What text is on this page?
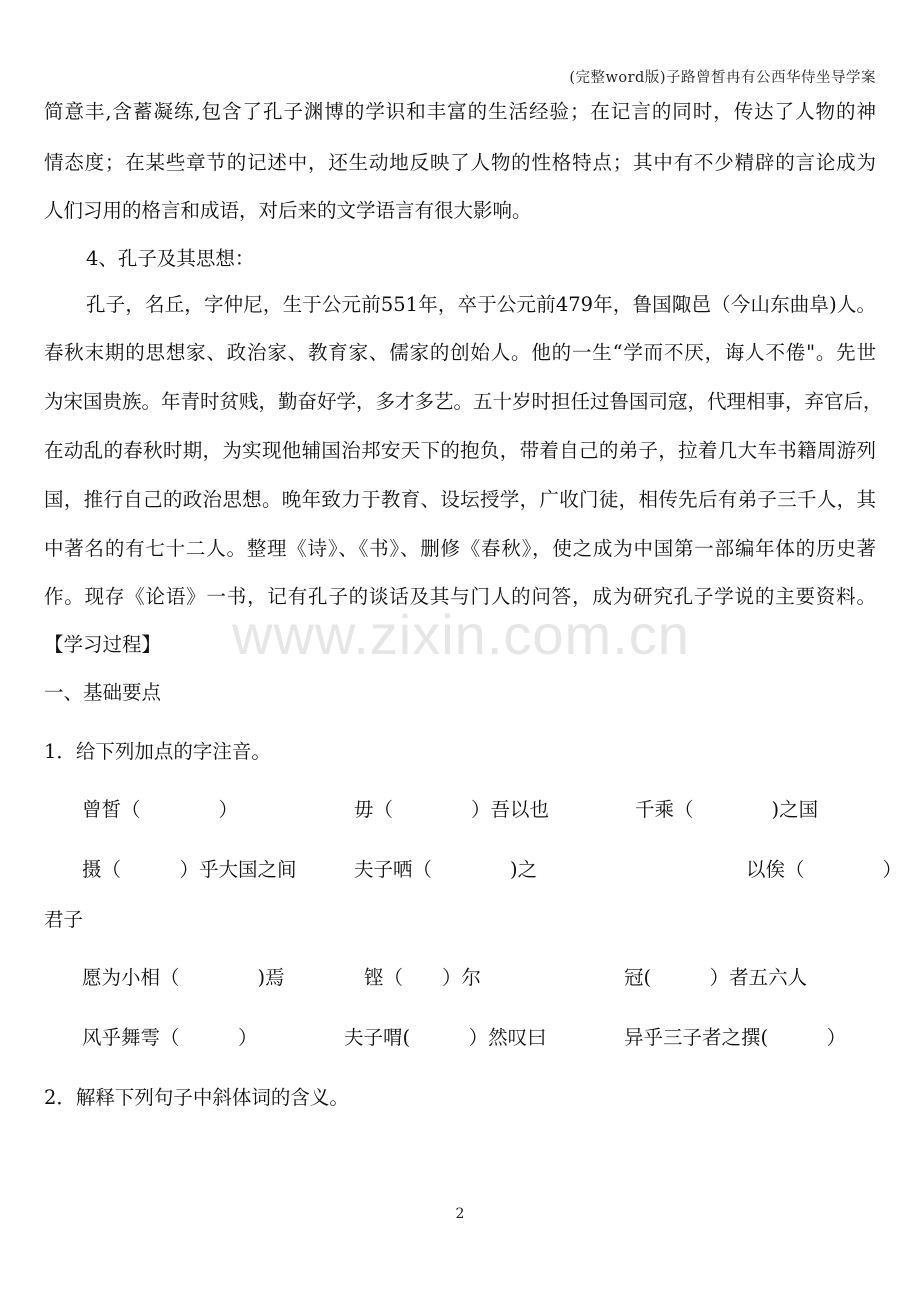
(完整word版)子路曾皙冉有公西华侍坐导学案
www.zixin.com.cn
简意丰,含蓄凝练,包含了孔子渊博的学识和丰富的生活经验；在记言的同时，传达了人物的神
情态度；在某些章节的记述中，还生动地反映了人物的性格特点；其中有不少精辟的言论成为
人们习用的格言和成语，对后来的文学语言有很大影响。
4、孔子及其思想：
孔子，名丘，字仲尼，生于公元前551年，卒于公元前479年，鲁国陬邑（今山东曲阜)人。
春秋末期的思想家、政治家、教育家、儒家的创始人。他的一生“学而不厌，诲人不倦"。先世
为宋国贵族。年青时贫贱，勤奋好学，多才多艺。五十岁时担任过鲁国司寇，代理相事，弃官后，
在动乱的春秋时期，为实现他辅国治邦安天下的抱负，带着自己的弟子，拉着几大车书籍周游列
国，推行自己的政治思想。晚年致力于教育、设坛授学，广收门徒，相传先后有弟子三千人，其
中著名的有七十二人。整理《诗》、《书》、删修《春秋》，使之成为中国第一部编年体的历史著
作。现存《论语》一书，记有孔子的谈话及其与门人的问答，成为研究孔子学说的主要资料。
【学习过程】
一、基础要点
1．给下列加点的字注音。
曾皙（　　　　）	毋（　　　　）吾以也	千乘（　　　　)之国
摄（　　　）乎大国之间	夫子哂（　　　　)之	以俟（　　　　）
君子
愿为小相（　　　　)焉	铿（　　）尔	冠(　　　）者五六人
风乎舞雩（　　　）	夫子喟(　　　）然叹曰	异乎三子者之撰(　　　）
2．解释下列句子中斜体词的含义。
2
